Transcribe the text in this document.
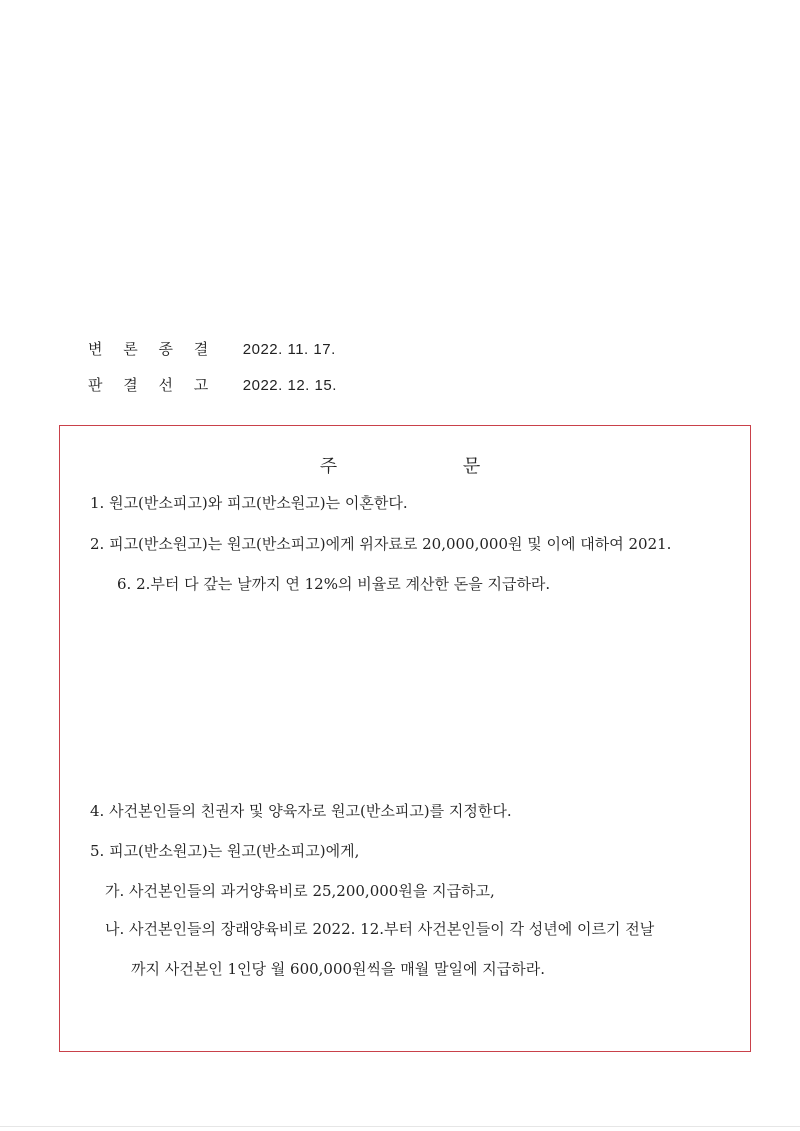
변 론 종 결 2022. 11. 17.
판 결 선 고 2022. 12. 15.
주 문
1. 원고(반소피고)와 피고(반소원고)는 이혼한다.
2. 피고(반소원고)는 원고(반소피고)에게 위자료로 20,000,000원 및 이에 대하여 2021.
6. 2.부터 다 갚는 날까지 연 12%의 비율로 계산한 돈을 지급하라.
4. 사건본인들의 친권자 및 양육자로 원고(반소피고)를 지정한다.
5. 피고(반소원고)는 원고(반소피고)에게,
가. 사건본인들의 과거양육비로 25,200,000원을 지급하고,
나. 사건본인들의 장래양육비로 2022. 12.부터 사건본인들이 각 성년에 이르기 전날
까지 사건본인 1인당 월 600,000원씩을 매월 말일에 지급하라.
